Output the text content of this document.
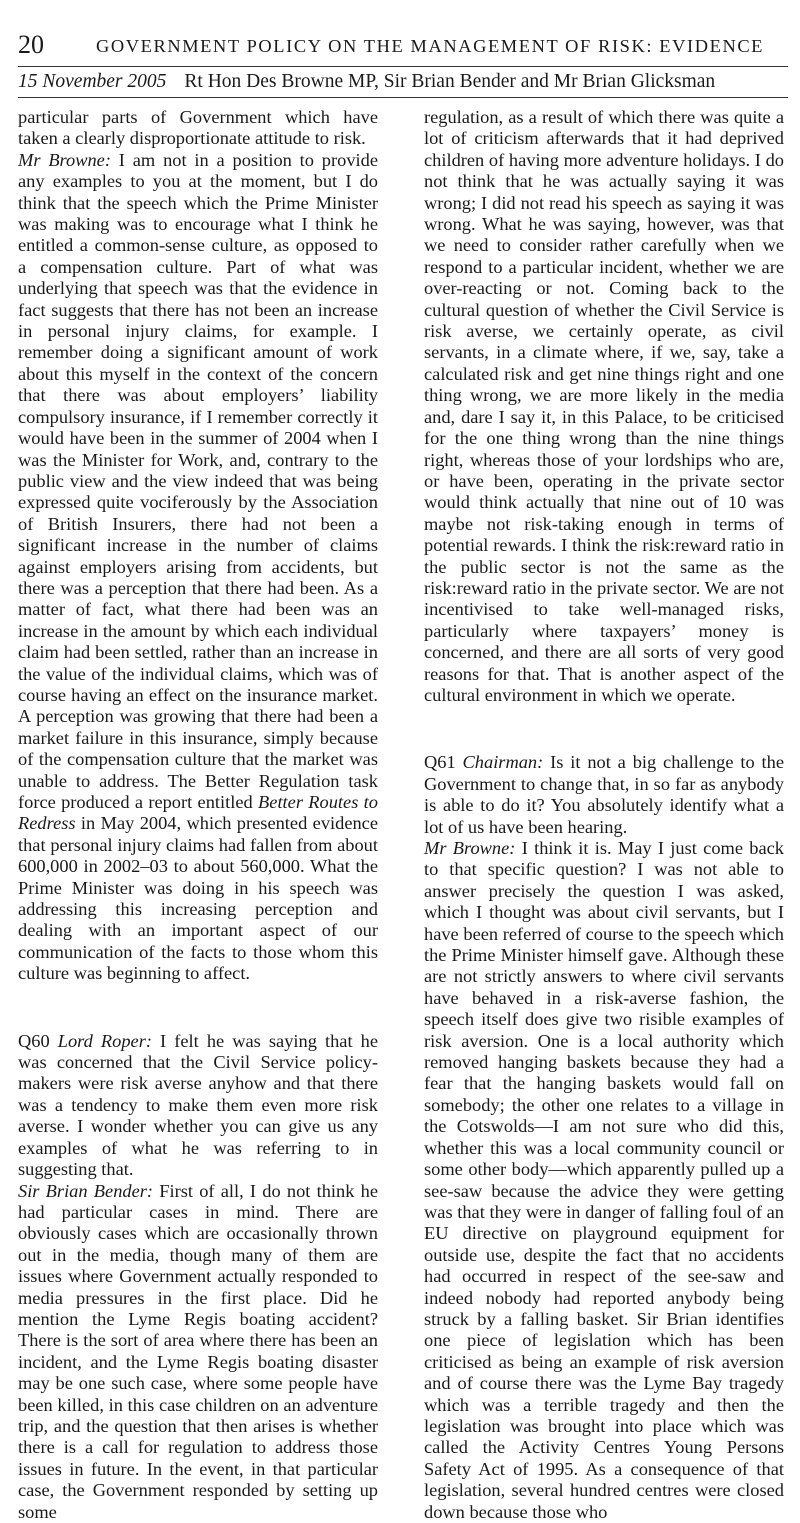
20	GOVERNMENT POLICY ON THE MANAGEMENT OF RISK: EVIDENCE
15 November 2005 Rt Hon Des Browne MP, Sir Brian Bender and Mr Brian Glicksman

particular parts of Government which have taken a clearly disproportionate attitude to risk.

Mr Browne: I am not in a position to provide any examples to you at the moment, but I do think that the speech which the Prime Minister was making was to encourage what I think he entitled a common-sense culture, as opposed to a compensation culture. Part of what was underlying that speech was that the evidence in fact suggests that there has not been an increase in personal injury claims, for example. I remember doing a significant amount of work about this myself in the context of the concern that there was about employers’ liability compulsory insurance, if I remember correctly it would have been in the summer of 2004 when I was the Minister for Work, and, contrary to the public view and the view indeed that was being expressed quite vociferously by the Association of British Insurers, there had not been a significant increase in the number of claims against employers arising from accidents, but there was a perception that there had been. As a matter of fact, what there had been was an increase in the amount by which each individual claim had been settled, rather than an increase in the value of the individual claims, which was of course having an effect on the insurance market. A perception was growing that there had been a market failure in this insurance, simply because of the compensation culture that the market was unable to address. The Better Regulation task force produced a report entitled Better Routes to Redress in May 2004, which presented evidence that personal injury claims had fallen from about 600,000 in 2002–03 to about 560,000. What the Prime Minister was doing in his speech was addressing this increasing perception and dealing with an important aspect of our communication of the facts to those whom this culture was beginning to affect.

Q60 Lord Roper: I felt he was saying that he was concerned that the Civil Service policy-makers were risk averse anyhow and that there was a tendency to make them even more risk averse. I wonder whether you can give us any examples of what he was referring to in suggesting that.

Sir Brian Bender: First of all, I do not think he had particular cases in mind. There are obviously cases which are occasionally thrown out in the media, though many of them are issues where Government actually responded to media pressures in the first place. Did he mention the Lyme Regis boating accident? There is the sort of area where there has been an incident, and the Lyme Regis boating disaster may be one such case, where some people have been killed, in this case children on an adventure trip, and the question that then arises is whether there is a call for regulation to address those issues in future. In the event, in that particular case, the Government responded by setting up some

regulation, as a result of which there was quite a lot of criticism afterwards that it had deprived children of having more adventure holidays. I do not think that he was actually saying it was wrong; I did not read his speech as saying it was wrong. What he was saying, however, was that we need to consider rather carefully when we respond to a particular incident, whether we are over-reacting or not. Coming back to the cultural question of whether the Civil Service is risk averse, we certainly operate, as civil servants, in a climate where, if we, say, take a calculated risk and get nine things right and one thing wrong, we are more likely in the media and, dare I say it, in this Palace, to be criticised for the one thing wrong than the nine things right, whereas those of your lordships who are, or have been, operating in the private sector would think actually that nine out of 10 was maybe not risk-taking enough in terms of potential rewards. I think the risk:reward ratio in the public sector is not the same as the risk:reward ratio in the private sector. We are not incentivised to take well-managed risks, particularly where taxpayers’ money is concerned, and there are all sorts of very good reasons for that. That is another aspect of the cultural environment in which we operate.

Q61 Chairman: Is it not a big challenge to the Government to change that, in so far as anybody is able to do it? You absolutely identify what a lot of us have been hearing.

Mr Browne: I think it is. May I just come back to that specific question? I was not able to answer precisely the question I was asked, which I thought was about civil servants, but I have been referred of course to the speech which the Prime Minister himself gave. Although these are not strictly answers to where civil servants have behaved in a risk-averse fashion, the speech itself does give two risible examples of risk aversion. One is a local authority which removed hanging baskets because they had a fear that the hanging baskets would fall on somebody; the other one relates to a village in the Cotswolds—I am not sure who did this, whether this was a local community council or some other body—which apparently pulled up a see-saw because the advice they were getting was that they were in danger of falling foul of an EU directive on playground equipment for outside use, despite the fact that no accidents had occurred in respect of the see-saw and indeed nobody had reported anybody being struck by a falling basket. Sir Brian identifies one piece of legislation which has been criticised as being an example of risk aversion and of course there was the Lyme Bay tragedy which was a terrible tragedy and then the legislation was brought into place which was called the Activity Centres Young Persons Safety Act of 1995. As a consequence of that legislation, several hundred centres were closed down because those who
